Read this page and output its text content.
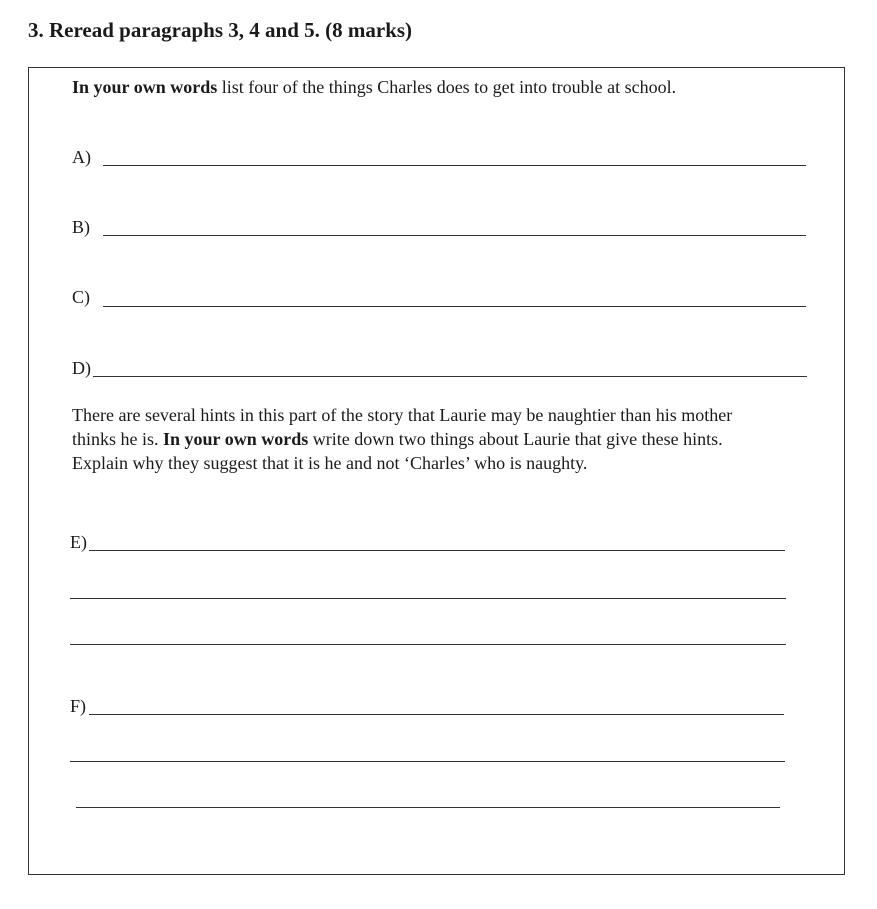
3. Reread paragraphs 3, 4 and 5. (8 marks)
In your own words list four of the things Charles does to get into trouble at school.
A)
B)
C)
D)
There are several hints in this part of the story that Laurie may be naughtier than his mother
thinks he is. In your own words write down two things about Laurie that give these hints.
Explain why they suggest that it is he and not ‘Charles’ who is naughty.
E)
F)
